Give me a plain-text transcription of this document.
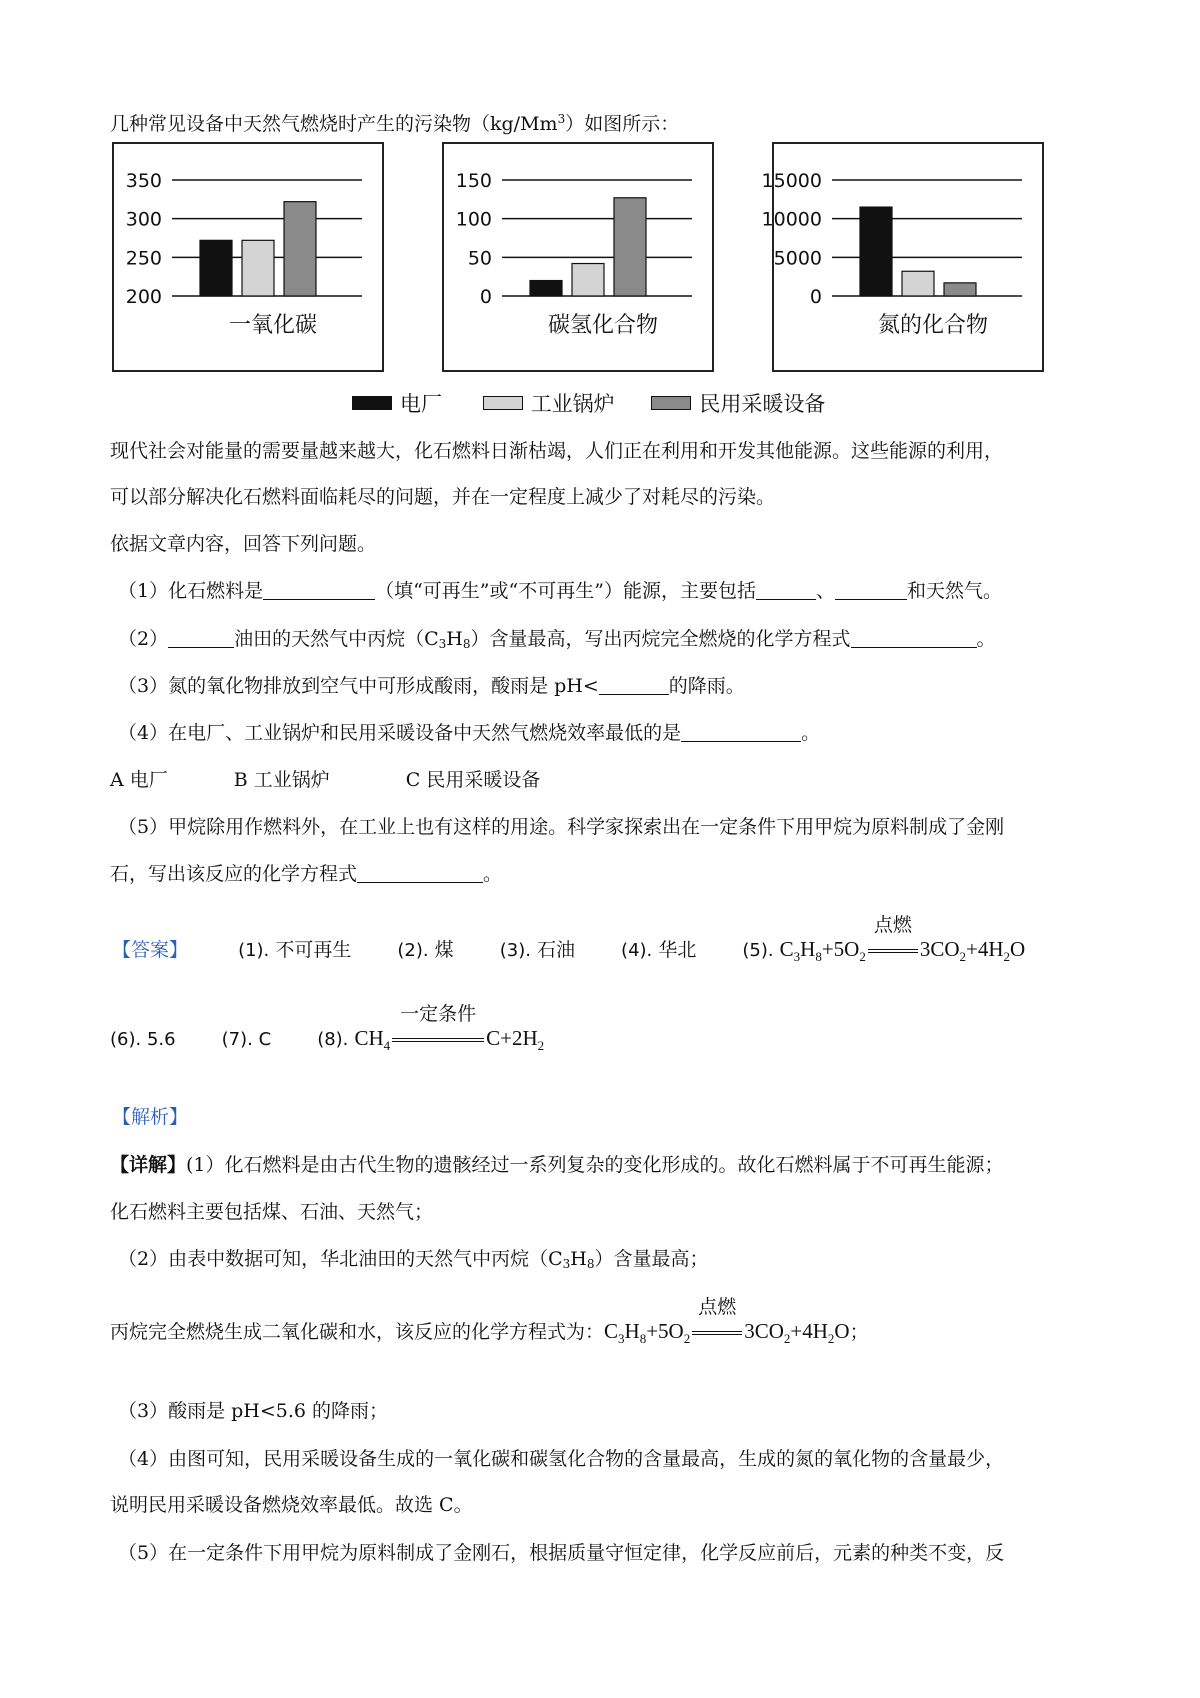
几种常见设备中天然气燃烧时产生的污染物（kg/Mm$^3$）如图所示：
350
300
250
200
一氧化碳
150
100
50
0
碳氢化合物
15000
10000
5000
0
氮的化合物
电厂	工业锅炉	民用采暖设备
现代社会对能量的需要量越来越大，化石燃料日渐枯竭，人们正在利用和开发其他能源。这些能源的利用，
可以部分解决化石燃料面临耗尽的问题，并在一定程度上减少了对耗尽的污染。
依据文章内容，回答下列问题。
（1）化石燃料是	（填“可再生”或“不可再生”）能源，主要包括	、	和天然气。
（2）	油田的天然气中丙烷$(C_3H_8)$含量最高，写出丙烷完全燃烧的化学方程式	。
（3）氮的氧化物排放到空气中可形成酸雨，酸雨是 pH<	的降雨。
（4）在电厂、工业锅炉和民用采暖设备中天然气燃烧效率最低的是	。
A 电厂	B 工业锅炉	C 民用采暖设备
（5）甲烷除用作燃料外，在工业上也有这样的用途。科学家探索出在一定条件下用甲烷为原料制成了金刚
石，写出该反应的化学方程式	。
【答案】	(1). 不可再生	(2). 煤	(3). 石油	(4). 华北	(5). $C_3H_8+5O_2$
点燃
$3CO_2+4H_2O$
(6). 5.6	(7). C	(8). $CH_4$
一定条件
$C+2H_2$
【解析】
【详解】(1）化石燃料是由古代生物的遗骸经过一系列复杂的变化形成的。故化石燃料属于不可再生能源；
化石燃料主要包括煤、石油、天然气；
（2）由表中数据可知，华北油田的天然气中丙烷$(C_3H_8)$含量最高；
丙烷完全燃烧生成二氧化碳和水，该反应的化学方程式为：$C_3H_8+5O_2$
点燃
$3CO_2+4H_2O$；
（3）酸雨是 pH<5.6 的降雨；
（4）由图可知，民用采暖设备生成的一氧化碳和碳氢化合物的含量最高，生成的氮的氧化物的含量最少，
说明民用采暖设备燃烧效率最低。故选 C。
（5）在一定条件下用甲烷为原料制成了金刚石，根据质量守恒定律，化学反应前后，元素的种类不变，反
